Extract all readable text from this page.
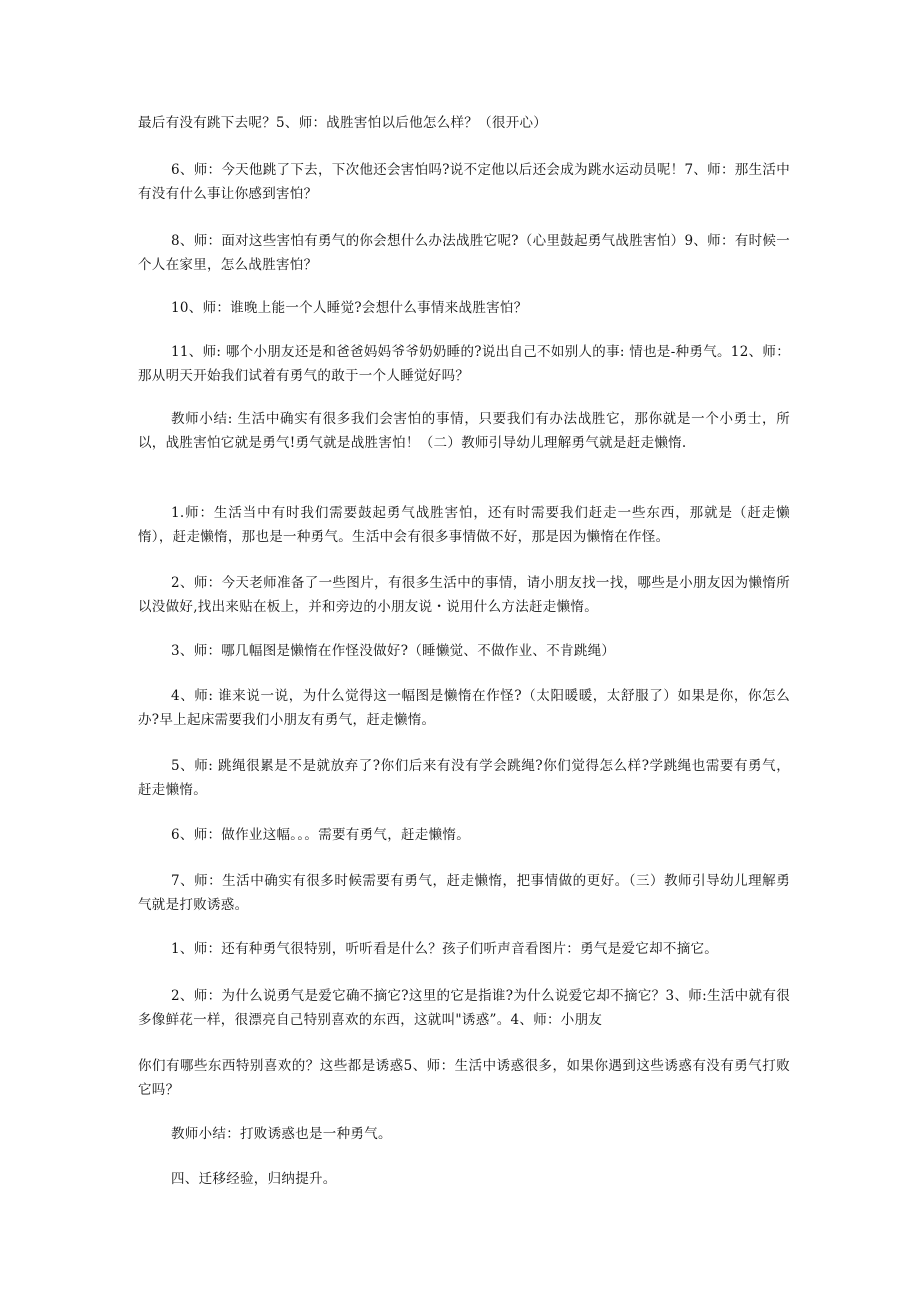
最后有没有跳下去呢？5、师：战胜害怕以后他怎么样？（很开心）

6、师：今天他跳了下去，下次他还会害怕吗?说不定他以后还会成为跳水运动员呢！7、师：那生活中有没有什么事让你感到害怕？

8、师：面对这些害怕有勇气的你会想什么办法战胜它呢?（心里鼓起勇气战胜害怕）9、师：有时候一个人在家里，怎么战胜害怕？

10、师：谁晚上能一个人睡觉?会想什么事情来战胜害怕？

11、师: 哪个小朋友还是和爸爸妈妈爷爷奶奶睡的?说出自己不如别人的事: 情也是-种勇气。12、师：那从明天开始我们试着有勇气的敢于一个人睡觉好吗？

教师小结: 生活中确实有很多我们会害怕的事情，只要我们有办法战胜它，那你就是一个小勇士，所以，战胜害怕它就是勇气!勇气就是战胜害怕！（二）教师引导幼儿理解勇气就是赶走懒惰.

1.师：生活当中有时我们需要鼓起勇气战胜害怕，还有时需要我们赶走一些东西，那就是（赶走懒惰），赶走懒惰，那也是一种勇气。生活中会有很多事情做不好，那是因为懒惰在作怪。

2、师：今天老师准备了一些图片，有很多生活中的事情，请小朋友找一找，哪些是小朋友因为懒惰所以没做好,找出来贴在板上，并和旁边的小朋友说・说用什么方法赶走懒惰。

3、师：哪几幅图是懒惰在作怪没做好?（睡懒觉、不做作业、不肯跳绳）

4、师: 谁来说一说，为什么觉得这一幅图是懒惰在作怪?（太阳暖暖，太舒服了）如果是你，你怎么办?早上起床需要我们小朋友有勇气，赶走懒惰。

5、师: 跳绳很累是不是就放弃了?你们后来有没有学会跳绳?你们觉得怎么样?学跳绳也需要有勇气，赶走懒惰。

6、师：做作业这幅。。。需要有勇气，赶走懒惰。

7、师：生活中确实有很多时候需要有勇气，赶走懒惰，把事情做的更好。（三）教师引导幼儿理解勇气就是打败诱惑。

1、师：还有种勇气很特别，听听看是什么？孩子们听声音看图片：勇气是爱它却不摘它。

2、师：为什么说勇气是爱它确不摘它?这里的它是指谁?为什么说爱它却不摘它？3、师:生活中就有很多像鲜花一样，很漂亮自己特别喜欢的东西，这就叫"诱惑”。4、师：小朋友

你们有哪些东西特别喜欢的？这些都是诱惑5、师：生活中诱惑很多，如果你遇到这些诱惑有没有勇气打败它吗？

教师小结：打败诱惑也是一种勇气。

四、迁移经验，归纳提升。
